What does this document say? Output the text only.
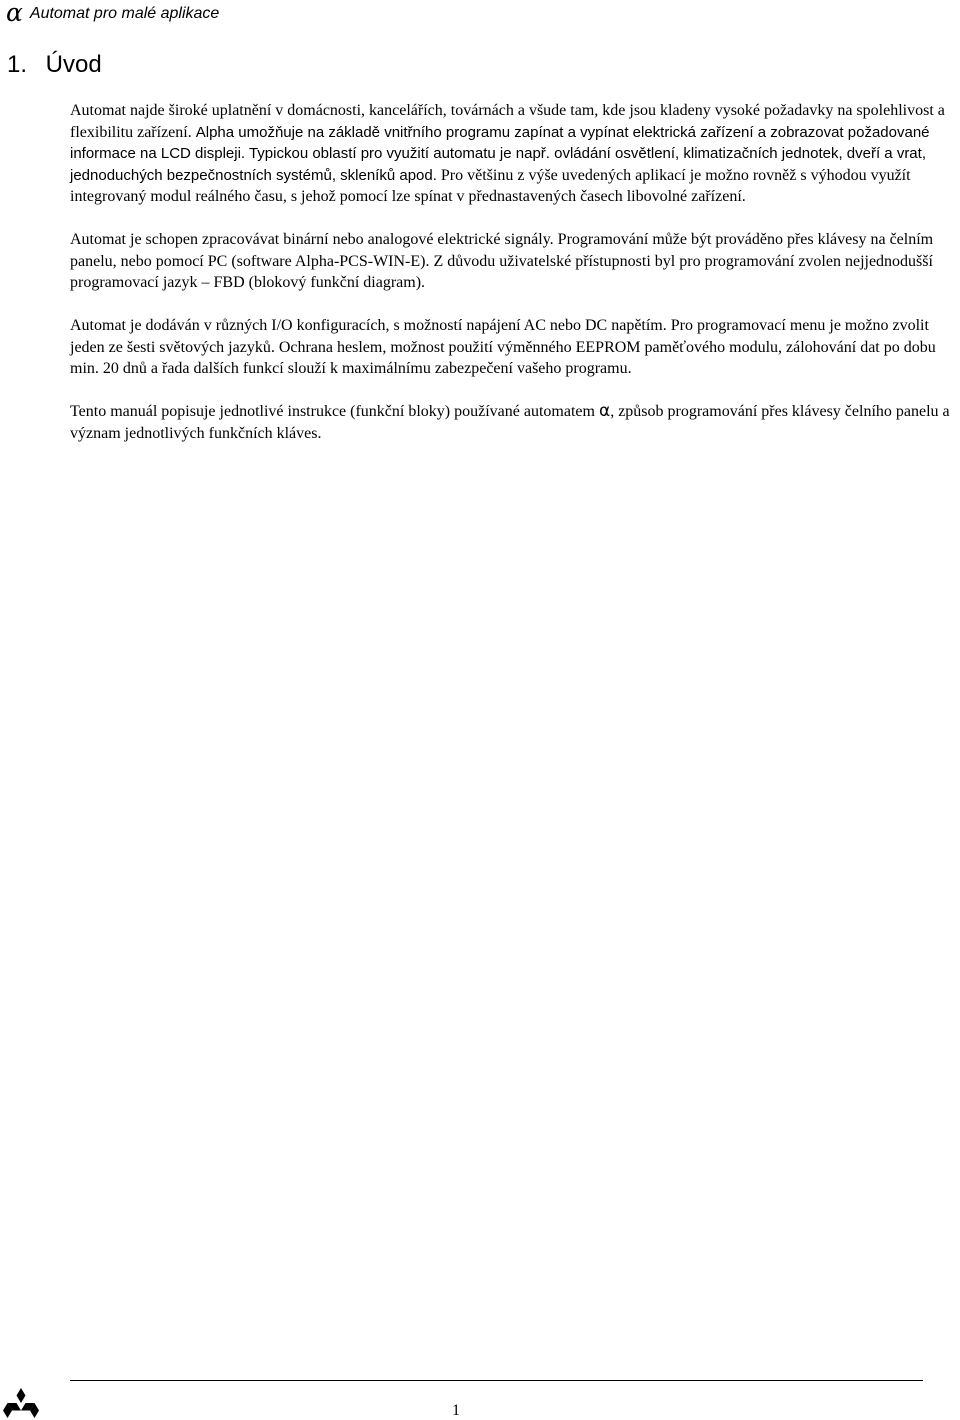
α Automat pro malé aplikace
1. Úvod

Automat najde široké uplatnění v domácnosti, kancelářích, továrnách a všude tam, kde jsou kladeny vysoké požadavky na spolehlivost a flexibilitu zařízení. Alpha umožňuje na základě vnitřního programu zapínat a vypínat elektrická zařízení a zobrazovat požadované informace na LCD displeji. Typickou oblastí pro využití automatu je např. ovládání osvětlení, klimatizačních jednotek, dveří a vrat, jednoduchých bezpečnostních systémů, skleníků apod. Pro většinu z výše uvedených aplikací je možno rovněž s výhodou využít integrovaný modul reálného času, s jehož pomocí lze spínat v přednastavených časech libovolné zařízení.

Automat je schopen zpracovávat binární nebo analogové elektrické signály. Programování může být prováděno přes klávesy na čelním panelu, nebo pomocí PC (software Alpha-PCS-WIN-E). Z důvodu uživatelské přístupnosti byl pro programování zvolen nejjednodušší programovací jazyk – FBD (blokový funkční diagram).

Automat je dodáván v různých I/O konfiguracích, s možností napájení AC nebo DC napětím. Pro programovací menu je možno zvolit jeden ze šesti světových jazyků. Ochrana heslem, možnost použití výměnného EEPROM paměťového modulu, zálohování dat po dobu min. 20 dnů a řada dalších funkcí slouží k maximálnímu zabezpečení vašeho programu.

Tento manuál popisuje jednotlivé instrukce (funkční bloky) používané automatem α, způsob programování přes klávesy čelního panelu a význam jednotlivých funkčních kláves.

1
